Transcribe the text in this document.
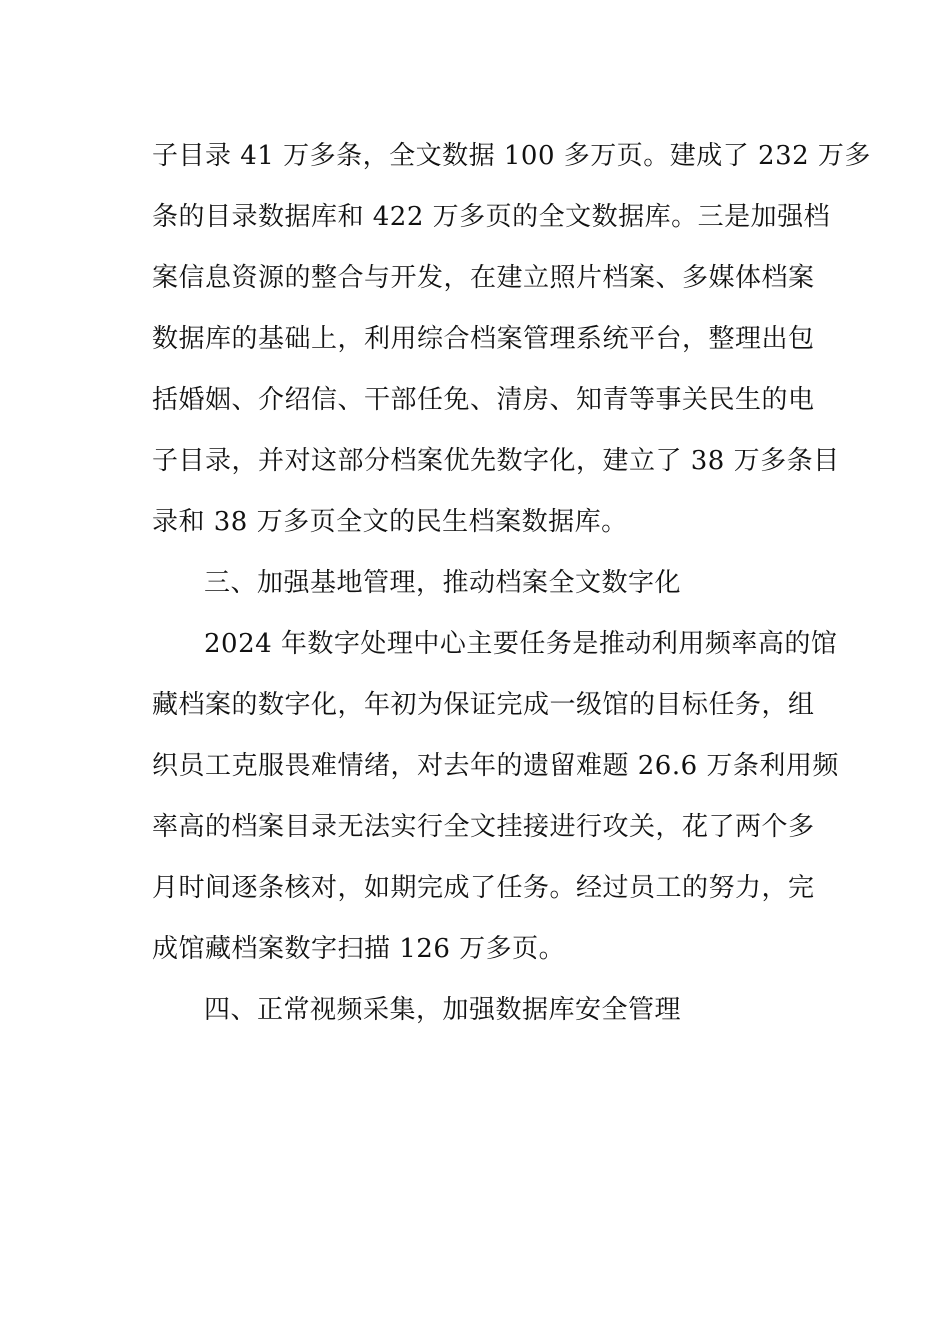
子目录 41 万多条，全文数据 100 多万页。建成了 232 万多
条的目录数据库和 422 万多页的全文数据库。三是加强档
案信息资源的整合与开发，在建立照片档案、多媒体档案
数据库的基础上，利用综合档案管理系统平台，整理出包
括婚姻、介绍信、干部任免、清房、知青等事关民生的电
子目录，并对这部分档案优先数字化，建立了 38 万多条目
录和 38 万多页全文的民生档案数据库。
三、加强基地管理，推动档案全文数字化
2024 年数字处理中心主要任务是推动利用频率高的馆
藏档案的数字化，年初为保证完成一级馆的目标任务，组
织员工克服畏难情绪，对去年的遗留难题 26.6 万条利用频
率高的档案目录无法实行全文挂接进行攻关，花了两个多
月时间逐条核对，如期完成了任务。经过员工的努力，完
成馆藏档案数字扫描 126 万多页。
四、正常视频采集，加强数据库安全管理
